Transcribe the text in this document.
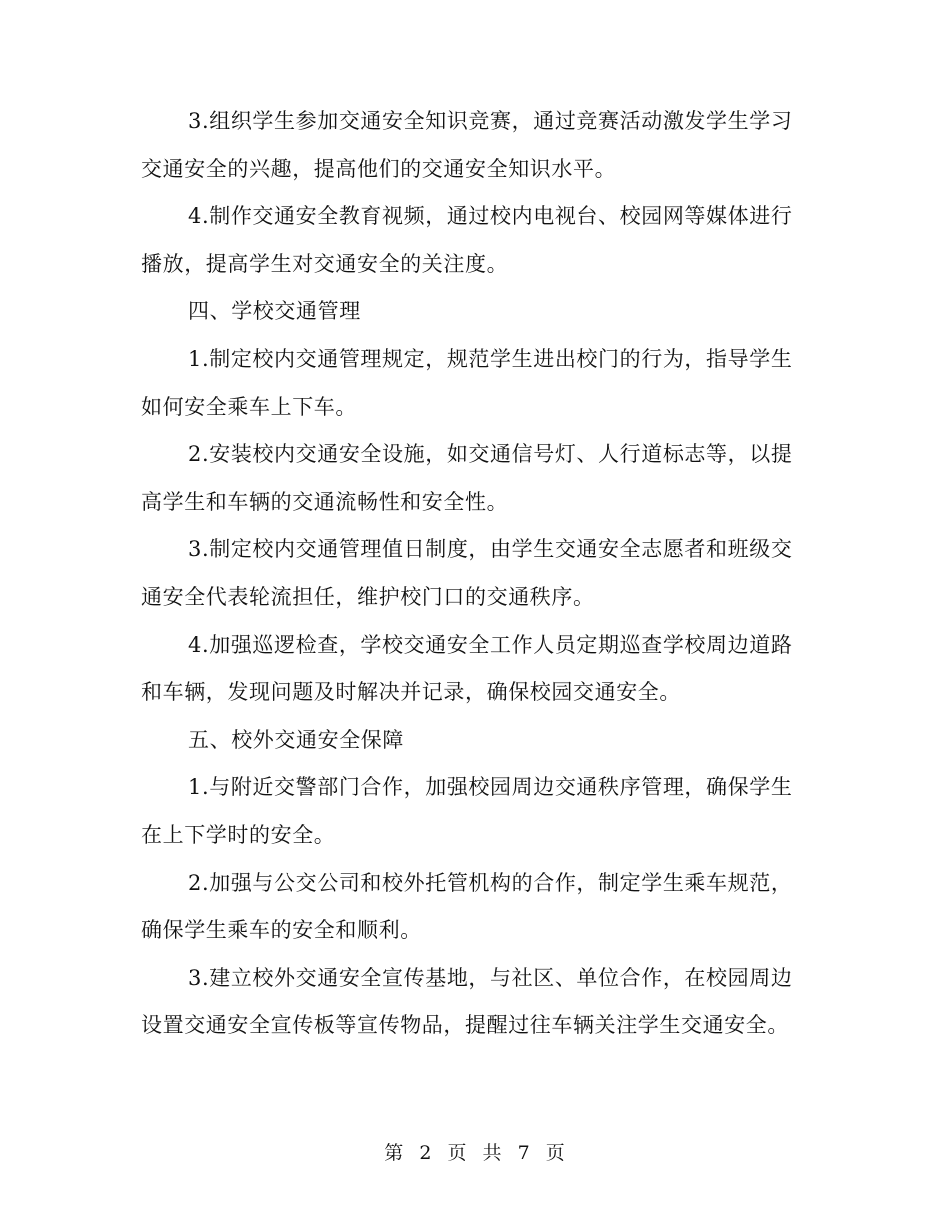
3.组织学生参加交通安全知识竞赛，通过竞赛活动激发学生学习
交通安全的兴趣，提高他们的交通安全知识水平。

4.制作交通安全教育视频，通过校内电视台、校园网等媒体进行
播放，提高学生对交通安全的关注度。

四、学校交通管理

1.制定校内交通管理规定，规范学生进出校门的行为，指导学生
如何安全乘车上下车。

2.安装校内交通安全设施，如交通信号灯、人行道标志等，以提
高学生和车辆的交通流畅性和安全性。

3.制定校内交通管理值日制度，由学生交通安全志愿者和班级交
通安全代表轮流担任，维护校门口的交通秩序。

4.加强巡逻检查，学校交通安全工作人员定期巡查学校周边道路
和车辆，发现问题及时解决并记录，确保校园交通安全。

五、校外交通安全保障

1.与附近交警部门合作，加强校园周边交通秩序管理，确保学生
在上下学时的安全。

2.加强与公交公司和校外托管机构的合作，制定学生乘车规范，
确保学生乘车的安全和顺利。

3.建立校外交通安全宣传基地，与社区、单位合作，在校园周边
设置交通安全宣传板等宣传物品，提醒过往车辆关注学生交通安全。

第 2 页 共 7 页
